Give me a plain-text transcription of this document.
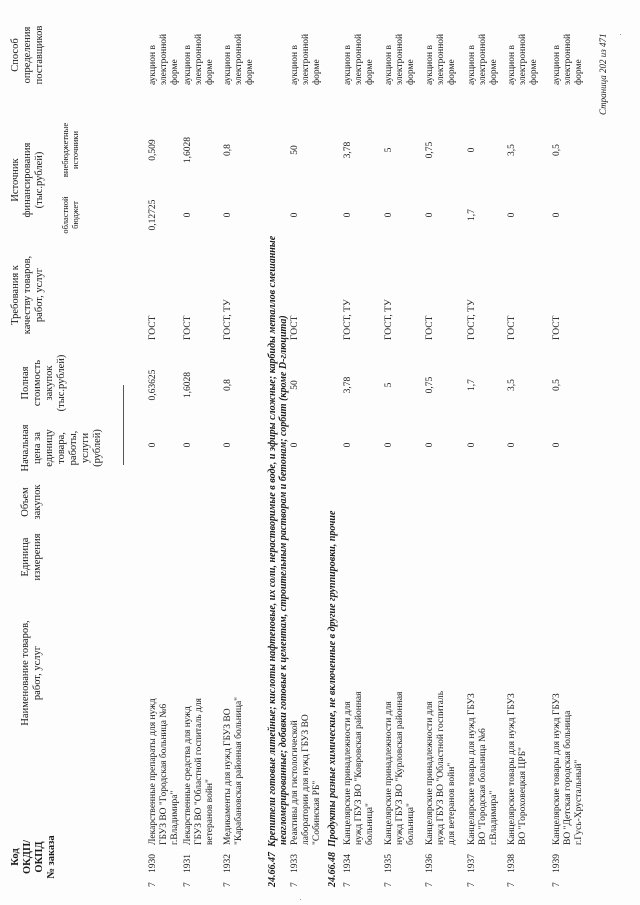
Код ОКДП/ ОКПД № заказа
Наименование товаров, работ, услуг
Единица измерения
Объем закупок
Начальная цена за единицу товара, работы, услуги (рублей)
Полная стоимость закупок (тыс.рублей)
Требования к качеству товаров, работ, услуг
Источник финансирования (тыс.рублей)
областной бюджет
внебюджетные источники
Способ определения поставщиков
7
1930
Лекарственные препараты для нужд ГБУЗ ВО "Городская больница №6 г.Владимира"
0
0,63625
ГОСТ
0,12725
0,509
аукцион в электронной форме
7
1931
Лекарственные средства для нужд ГБУЗ ВО "Областной госпиталь для ветеранов войн"
0
1,6028
ГОСТ
0
1,6028
аукцион в электронной форме
7
1932
Медикаменты для нужд ГБУЗ ВО "Карабановская районная больница"
0
0,8
ГОСТ, ТУ
0
0,8
аукцион в электронной форме
24.66.47  Крепители готовые литейные; кислоты нафтеновые, их соли, нерастворимые в воде, и эфиры сложные; карбиды металлов смешанные неагломерированные; добавки готовые к цементам, строительным растворам и бетонам; сорбит (кроме D-глюцита)
7
1933
Реактивы для гистологической лаборатории для нужд ГБУЗ ВО "Собинская РБ"
0
50
ГОСТ
0
50
аукцион в электронной форме
24.66.48  Продукты разные химические, не включенные в другие группировки, прочие
7
1934
Канцелярские принадлежности для нужд ГБУЗ ВО "Ковровская районная больница"
0
3,78
ГОСТ, ТУ
0
3,78
аукцион в электронной форме
7
1935
Канцелярские принадлежности для нужд ГБУЗ ВО "Курловская районная больница"
0
5
ГОСТ, ТУ
0
5
аукцион в электронной форме
7
1936
Канцелярские принадлежности для нужд ГБУЗ ВО "Областной госпиталь для ветеранов войн"
0
0,75
ГОСТ
0
0,75
аукцион в электронной форме
7
1937
Канцелярские товары для нужд ГБУЗ ВО "Городская больница №6 г.Владимира"
0
1,7
ГОСТ, ТУ
1,7
0
аукцион в электронной форме
7
1938
Канцелярские товары для нужд ГБУЗ ВО "Гороховецкая ЦРБ"
0
3,5
ГОСТ
0
3,5
аукцион в электронной форме
7
1939
Канцелярские товары для нужд ГБУЗ ВО "Детская городская больница г.Гусь-Хрустальный"
0
0,5
ГОСТ
0
0,5
аукцион в электронной форме Страница 202 из 471
